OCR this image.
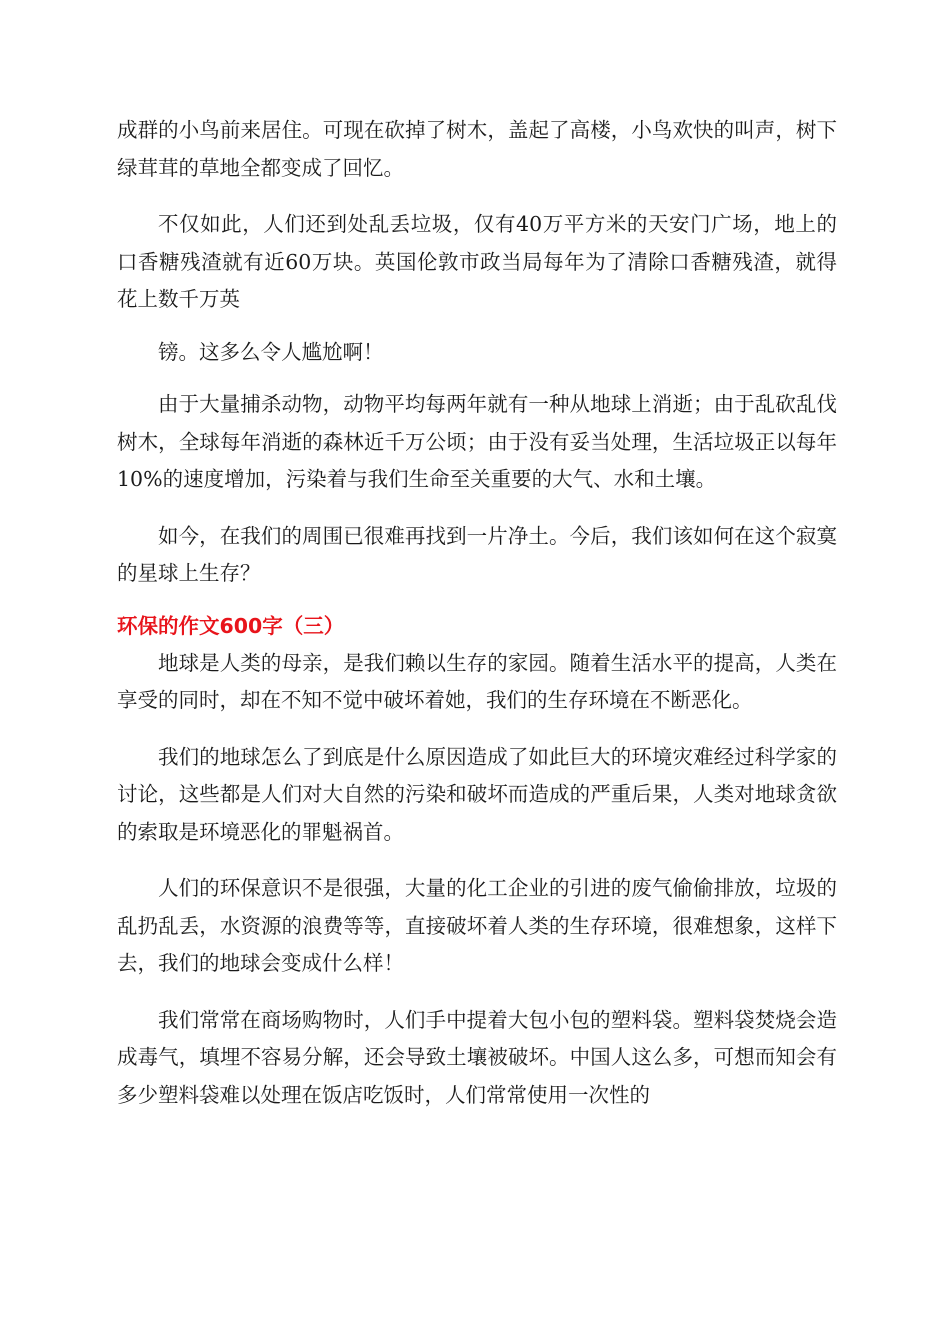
成群的小鸟前来居住。可现在砍掉了树木，盖起了高楼，小鸟欢快的叫声，树下绿茸茸的草地全都变成了回忆。

不仅如此，人们还到处乱丢垃圾，仅有40万平方米的天安门广场，地上的口香糖残渣就有近60万块。英国伦敦市政当局每年为了清除口香糖残渣，就得花上数千万英

镑。这多么令人尴尬啊！

由于大量捕杀动物，动物平均每两年就有一种从地球上消逝；由于乱砍乱伐树木，全球每年消逝的森林近千万公顷；由于没有妥当处理，生活垃圾正以每年10%的速度增加，污染着与我们生命至关重要的大气、水和土壤。

如今，在我们的周围已很难再找到一片净土。今后，我们该如何在这个寂寞的星球上生存？

环保的作文600字（三）

地球是人类的母亲，是我们赖以生存的家园。随着生活水平的提高，人类在享受的同时，却在不知不觉中破坏着她，我们的生存环境在不断恶化。

我们的地球怎么了到底是什么原因造成了如此巨大的环境灾难经过科学家的讨论，这些都是人们对大自然的污染和破坏而造成的严重后果，人类对地球贪欲的索取是环境恶化的罪魁祸首。

人们的环保意识不是很强，大量的化工企业的引进的废气偷偷排放，垃圾的乱扔乱丢，水资源的浪费等等，直接破坏着人类的生存环境，很难想象，这样下去，我们的地球会变成什么样！

我们常常在商场购物时，人们手中提着大包小包的塑料袋。塑料袋焚烧会造成毒气，填埋不容易分解，还会导致土壤被破坏。中国人这么多，可想而知会有多少塑料袋难以处理在饭店吃饭时，人们常常使用一次性的
